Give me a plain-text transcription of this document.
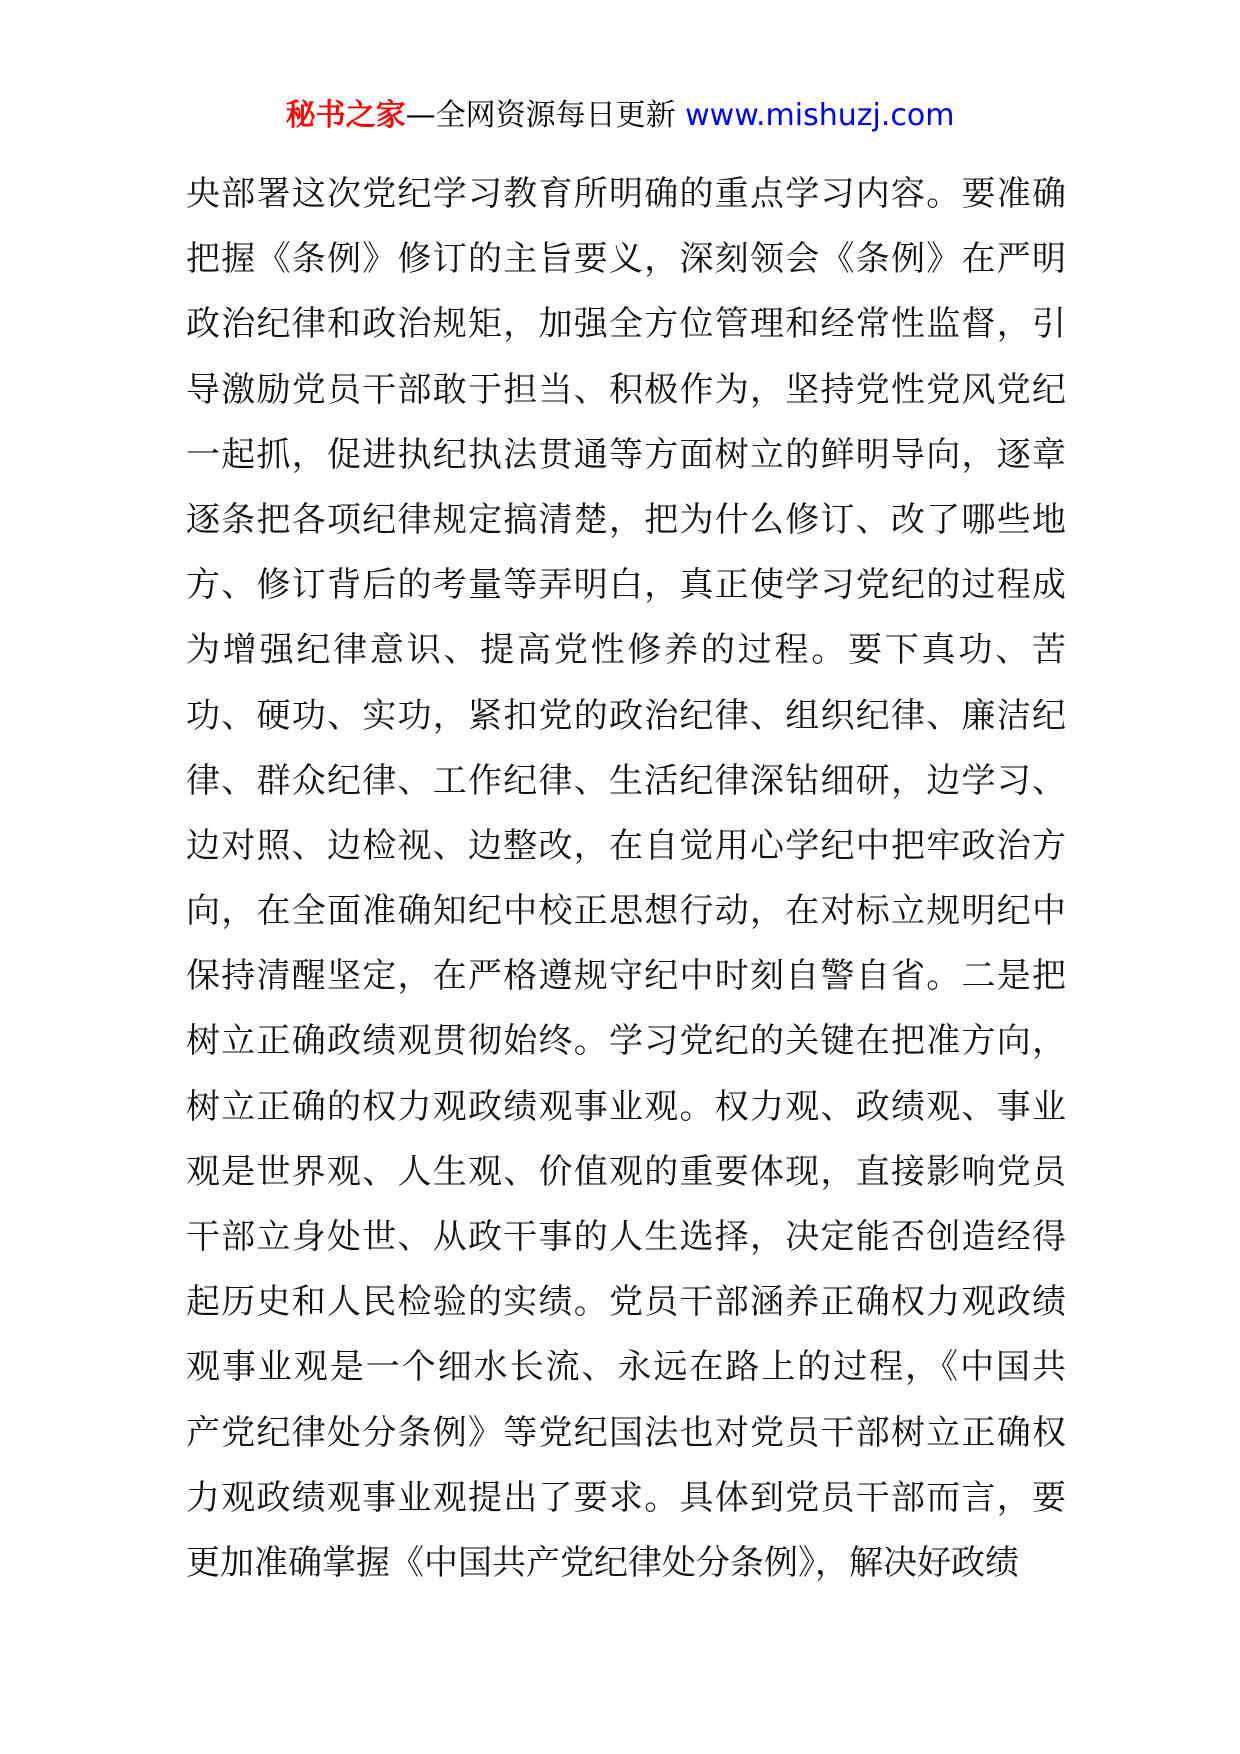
秘书之家—全网资源每日更新 www.mishuzj.com
央部署这次党纪学习教育所明确的重点学习内容。要准确
把握《条例》修订的主旨要义，深刻领会《条例》在严明
政治纪律和政治规矩，加强全方位管理和经常性监督，引
导激励党员干部敢于担当、积极作为，坚持党性党风党纪
一起抓，促进执纪执法贯通等方面树立的鲜明导向，逐章
逐条把各项纪律规定搞清楚，把为什么修订、改了哪些地
方、修订背后的考量等弄明白，真正使学习党纪的过程成
为增强纪律意识、提高党性修养的过程。要下真功、苦
功、硬功、实功，紧扣党的政治纪律、组织纪律、廉洁纪
律、群众纪律、工作纪律、生活纪律深钻细研，边学习、
边对照、边检视、边整改，在自觉用心学纪中把牢政治方
向，在全面准确知纪中校正思想行动，在对标立规明纪中
保持清醒坚定，在严格遵规守纪中时刻自警自省。二是把
树立正确政绩观贯彻始终。学习党纪的关键在把准方向，
树立正确的权力观政绩观事业观。权力观、政绩观、事业
观是世界观、人生观、价值观的重要体现，直接影响党员
干部立身处世、从政干事的人生选择，决定能否创造经得
起历史和人民检验的实绩。党员干部涵养正确权力观政绩
观事业观是一个细水长流、永远在路上的过程，《中国共
产党纪律处分条例》等党纪国法也对党员干部树立正确权
力观政绩观事业观提出了要求。具体到党员干部而言，要
更加准确掌握《中国共产党纪律处分条例》，解决好政绩
